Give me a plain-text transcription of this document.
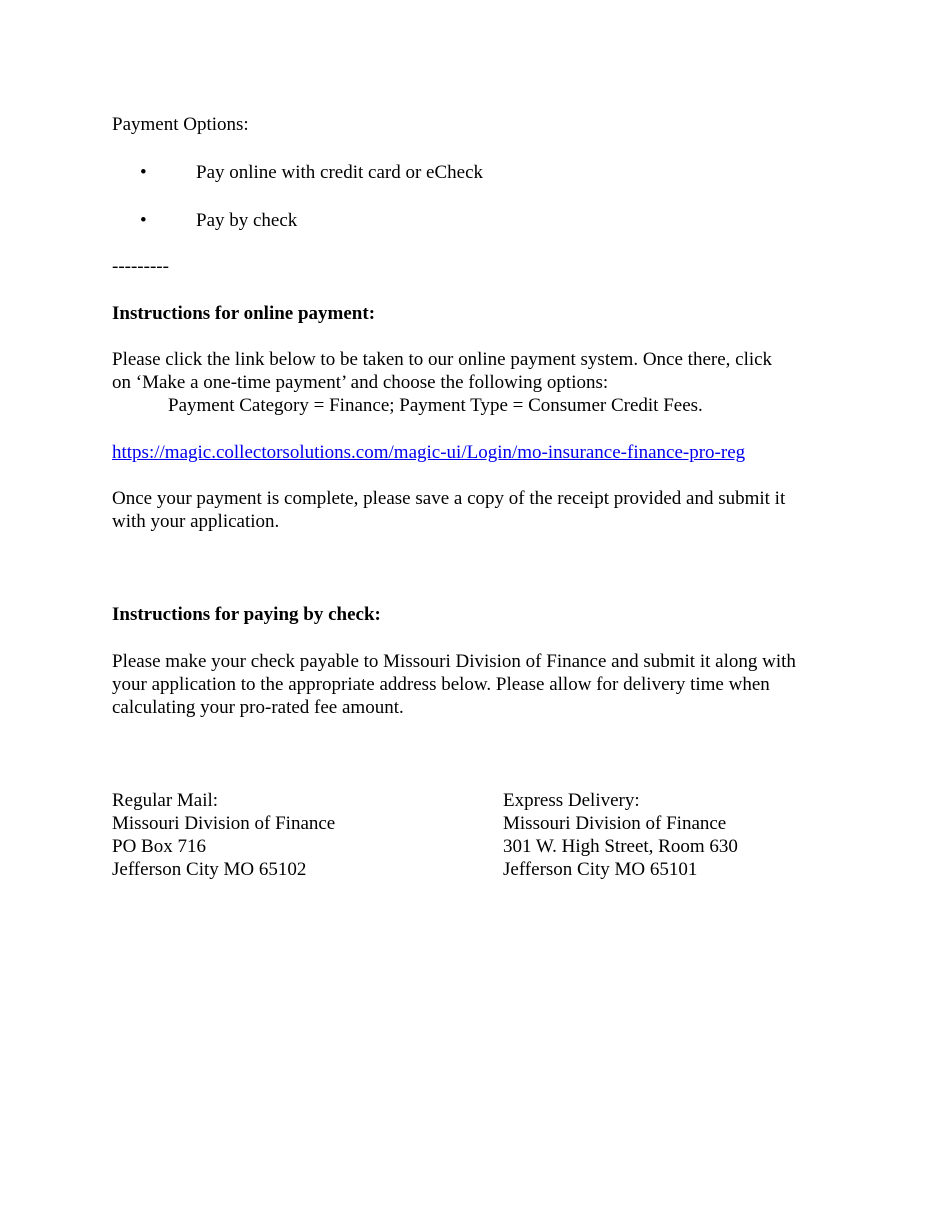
Payment Options:
•	Pay online with credit card or eCheck
•	Pay by check
---------
Instructions for online payment:
Please click the link below to be taken to our online payment system. Once there, click
on ‘Make a one-time payment’ and choose the following options:
Payment Category = Finance; Payment Type = Consumer Credit Fees.
https://magic.collectorsolutions.com/magic-ui/Login/mo-insurance-finance-pro-reg
Once your payment is complete, please save a copy of the receipt provided and submit it
with your application.
Instructions for paying by check:
Please make your check payable to Missouri Division of Finance and submit it along with
your application to the appropriate address below. Please allow for delivery time when
calculating your pro-rated fee amount.
Regular Mail:
Missouri Division of Finance
PO Box 716
Jefferson City MO 65102
Express Delivery:
Missouri Division of Finance
301 W. High Street, Room 630
Jefferson City MO 65101
